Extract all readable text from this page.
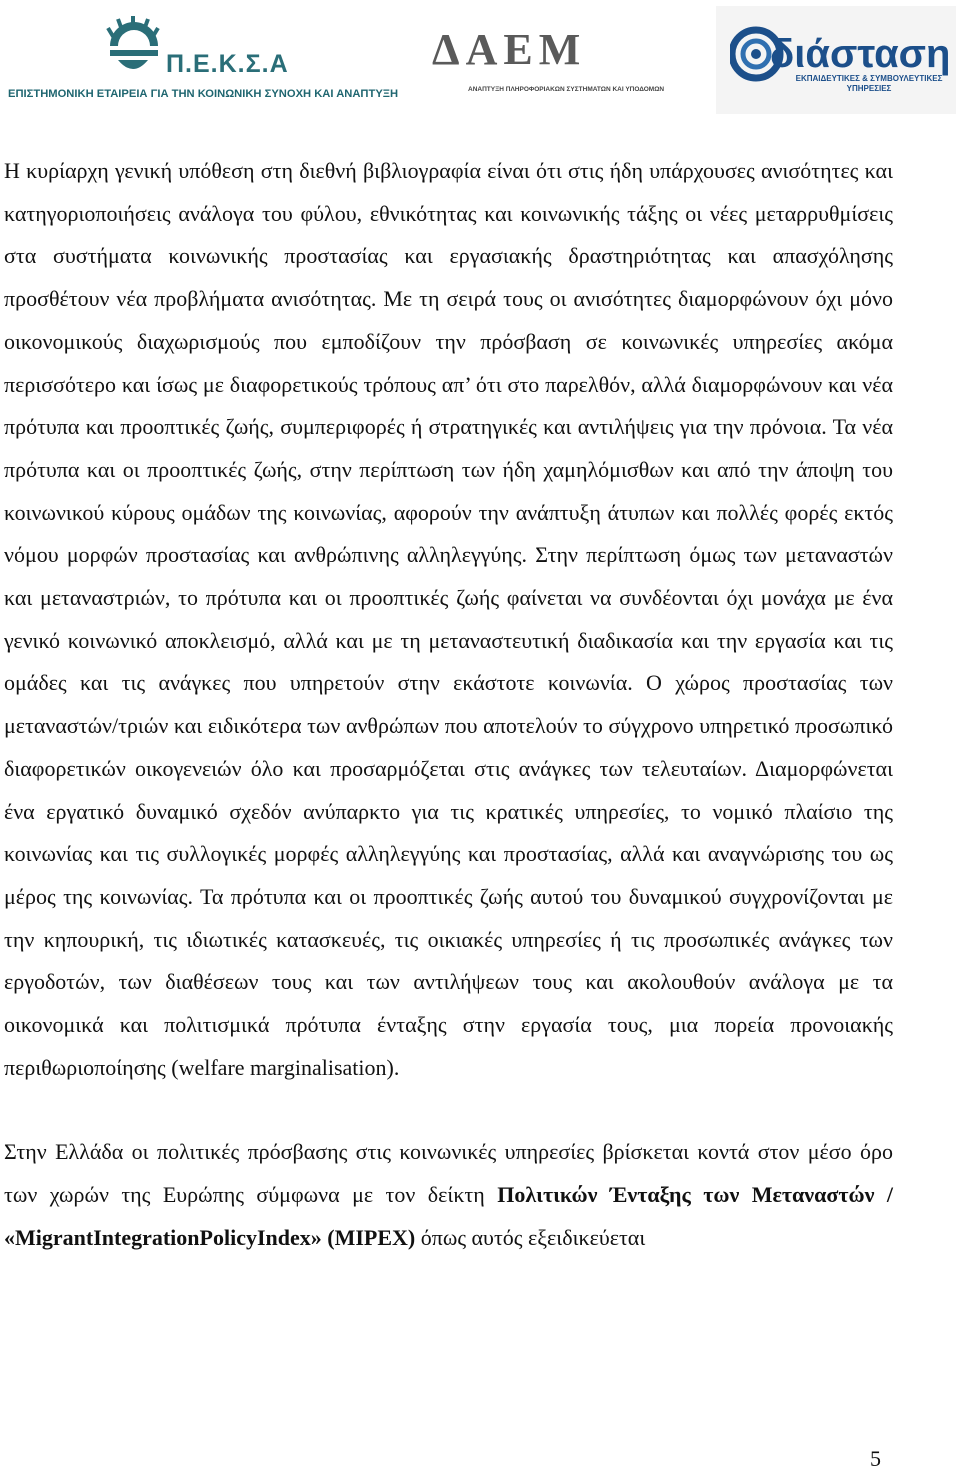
Π.Ε.Κ.Σ.Α
ΕΠΙΣΤΗΜΟΝΙΚΗ ΕΤΑΙΡΕΙΑ ΓΙΑ ΤΗΝ ΚΟΙΝΩΝΙΚΗ ΣΥΝΟΧΗ ΚΑΙ ΑΝΑΠΤΥΞΗ
ΔΑΕΜ
ΑΝΑΠΤΥΞΗ ΠΛΗΡΟΦΟΡΙΑΚΩΝ ΣΥΣΤΗΜΑΤΩΝ ΚΑΙ ΥΠΟΔΟΜΩΝ
διάσταση
ΕΚΠΑΙΔΕΥΤΙΚΕΣ & ΣΥΜΒΟΥΛΕΥΤΙΚΕΣ ΥΠΗΡΕΣΙΕΣ

Η κυρίαρχη γενική υπόθεση στη διεθνή βιβλιογραφία είναι ότι στις ήδη υπάρχουσες ανισότητες και κατηγοριοποιήσεις ανάλογα του φύλου, εθνικότητας και κοινωνικής τάξης οι νέες μεταρρυθμίσεις στα συστήματα κοινωνικής προστασίας και εργασιακής δραστηριότητας και απασχόλησης προσθέτουν νέα προβλήματα ανισότητας. Με τη σειρά τους οι ανισότητες διαμορφώνουν όχι μόνο οικονομικούς διαχωρισμούς που εμποδίζουν την πρόσβαση σε κοινωνικές υπηρεσίες ακόμα περισσότερο και ίσως με διαφορετικούς τρόπους απ’ ότι στο παρελθόν, αλλά διαμορφώνουν και νέα πρότυπα και προοπτικές ζωής, συμπεριφορές ή στρατηγικές και αντιλήψεις για την πρόνοια. Τα νέα πρότυπα και οι προοπτικές ζωής, στην περίπτωση των ήδη χαμηλόμισθων και από την άποψη του κοινωνικού κύρους ομάδων της κοινωνίας, αφορούν την ανάπτυξη άτυπων και πολλές φορές εκτός νόμου μορφών προστασίας και ανθρώπινης αλληλεγγύης. Στην περίπτωση όμως των μεταναστών και μεταναστριών, το πρότυπα και οι προοπτικές ζωής φαίνεται να συνδέονται όχι μονάχα με ένα γενικό κοινωνικό αποκλεισμό, αλλά και με τη μεταναστευτική διαδικασία και την εργασία και τις ομάδες και τις ανάγκες που υπηρετούν στην εκάστοτε κοινωνία. Ο χώρος προστασίας των μεταναστών/τριών και ειδικότερα των ανθρώπων που αποτελούν το σύγχρονο υπηρετικό προσωπικό διαφορετικών οικογενειών όλο και προσαρμόζεται στις ανάγκες των τελευταίων. Διαμορφώνεται ένα εργατικό δυναμικό σχεδόν ανύπαρκτο για τις κρατικές υπηρεσίες, το νομικό πλαίσιο της κοινωνίας και τις συλλογικές μορφές αλληλεγγύης και προστασίας, αλλά και αναγνώρισης του ως μέρος της κοινωνίας. Τα πρότυπα και οι προοπτικές ζωής αυτού του δυναμικού συγχρονίζονται με την κηπουρική, τις ιδιωτικές κατασκευές, τις οικιακές υπηρεσίες ή τις προσωπικές ανάγκες των εργοδοτών, των διαθέσεων τους και των αντιλήψεων τους και ακολουθούν ανάλογα με τα οικονομικά και πολιτισμικά πρότυπα ένταξης στην εργασία τους, μια πορεία προνοιακής περιθωριοποίησης (welfare marginalisation).

Στην Ελλάδα οι πολιτικές πρόσβασης στις κοινωνικές υπηρεσίες βρίσκεται κοντά στον μέσο όρο των χωρών της Ευρώπης σύμφωνα με τον δείκτη Πολιτικών Ένταξης των Μεταναστών / «MigrantIntegrationPolicyIndex» (MIPEX) όπως αυτός εξειδικεύεται

5
